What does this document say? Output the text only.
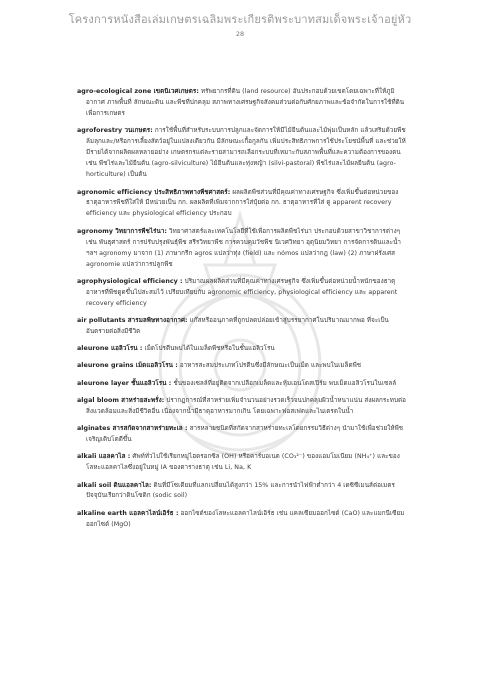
โครงการหนังสือเล่มเกษตรเฉลิมพระเกียรติพระบาทสมเด็จพระเจ้าอยู่หัว
28

agro-ecological zone เขตนิเวศเกษตร: ทรัพยากรที่ดิน (land resource) อันประกอบด้วยเขตโดยเฉพาะที่ให้ภูมิอากาศ ภาพพื้นที่ ลักษณะดิน และพืชที่ปกคลุม สภาพทางเศรษฐกิจสังคมส่วนต่อกับศักยภาพและข้อจำกัดในการใช้ที่ดินเพื่อการเกษตร

agroforestry วนเกษตร: การใช้พื้นที่สำหรับระบบการปลูกและจัดการให้มีไม้ยืนต้นและไม้พุ่มเป็นหลัก แล้วเสริมด้วยพืชล้มลุกและ/หรือการเลี้ยงสัตว์อยู่ในแปลงเดียวกัน มีลักษณะเกื้อกูลกัน เพิ่มประสิทธิภาพการใช้ประโยชน์พื้นที่ และช่วยให้มีรายได้จากผลิตผลหลายอย่าง เกษตรกรแต่ละรายสามารถเลือกระบบที่เหมาะกับสภาพพื้นที่และความต้องการของตน เช่น พืชไร่และไม้ยืนต้น (agro-silviculture) ไม้ยืนต้นและทุ่งหญ้า (silvi-pastoral) พืชไร่และไม้ผลยืนต้น (agro-horticulture) เป็นต้น

agronomic efficiency ประสิทธิภาพทางพืชศาสตร์: ผลผลิตพืชส่วนที่มีคุณค่าทางเศรษฐกิจ ซึ่งเพิ่มขึ้นต่อหน่วยของธาตุอาหารพืชที่ใส่ให้ มีหน่วยเป็น กก. ผลผลิตที่เพิ่มจากการใส่ปุ๋ยต่อ กก. ธาตุอาหารที่ใส่ ดู apparent recovery efficiency และ physiological efficiency ประกอบ

agronomy วิทยาการพืชไร่นา: วิทยาศาสตร์และเทคโนโลยีที่ใช้เพื่อการผลิตพืชไร่นา ประกอบด้วยสาขาวิชาการต่างๆ เช่น พันธุศาสตร์ การปรับปรุงพันธุ์พืช สรีรวิทยาพืช การควบคุมวัชพืช นิเวศวิทยา อุตุนิยมวิทยา การจัดการดินและน้ำ ฯลฯ agronomy มาจาก (1) ภาษากรีก agros แปลว่าทุ่ง (field) และ nómos แปลว่ากฎ (law) (2) ภาษาฝรั่งเศส agronomie แปลว่าการปลูกพืช

agrophysiological efficiency : ปริมาณผลผลิตส่วนที่มีคุณค่าทางเศรษฐกิจ ซึ่งเพิ่มขึ้นต่อหน่วยน้ำหนักของธาตุอาหารที่พืชดูดขึ้นไปสะสมไว้ เปรียบเทียบกับ agronomic efficiency, physiological efficiency และ apparent recovery efficiency

air pollutants สารมลพิษทางอากาศ: แก๊สหรืออนุภาคที่ถูกปลดปล่อยเข้าสู่บรรยากาศในปริมาณมากพอ ที่จะเป็นอันตรายต่อสิ่งมีชีวิต

aleurone แอลิวโรน : เม็ดโปรตีนพบได้ในเมล็ดพืชหรือในชั้นแอลิวโรน

aleurone grains เม็ดแอลิวโรน : อาหารสะสมประเภทโปรตีนซึ่งมีลักษณะเป็นเม็ด และพบในเมล็ดพืช

aleurone layer ชั้นแอลิวโรน : ชั้นของเซลล์ที่อยู่ติดจากเปลือกเมล็ดและหุ้มเอนโดสเปิร์ม พบเม็ดแอลิวโรนในเซลล์

algal bloom สาหร่ายสะพรั่ง: ปรากฏการณ์ที่สาหร่ายเพิ่มจำนวนอย่างรวดเร็วจนปกคลุมผิวน้ำหนาแน่น ส่งผลกระทบต่อสิ่งแวดล้อมและสิ่งมีชีวิตอื่น เนื่องจากน้ำมีธาตุอาหารมากเกิน โดยเฉพาะฟอสเฟตและไนเตรตในน้ำ

alginates สารสกัดจากสาหร่ายทะเล : สารหลายชนิดที่สกัดจากสาหร่ายทะเลโดยกรรมวิธีต่างๆ นำมาใช้เพื่อช่วยให้พืชเจริญเติบโตดีขึ้น

alkali แอลคาไล : ศัพท์ทั่วไปใช้เรียกหมู่ไฮดรอกซิล (OH) หรือคาร์บอเนต (CO₃²⁻) ของแอมโมเนียม (NH₄⁺) และของโลหะแอลคาไลซึ่งอยู่ในหมู่ IA ของตารางธาตุ เช่น Li, Na, K

alkali soil ดินแอลคาไล: ดินที่มีโซเดียมที่แลกเปลี่ยนได้สูงกว่า 15% และการนำไฟฟ้าต่ำกว่า 4 เดซิซีเมนส์ต่อเมตร ปัจจุบันเรียกว่าดินโซดิก (sodic soil)

alkaline earth แอลคาไลน์เอิร์ธ : ออกไซด์ของโลหะแอลคาไลน์เอิร์ธ เช่น แคลเซียมออกไซด์ (CaO) และแมกนีเซียมออกไซด์ (MgO)
